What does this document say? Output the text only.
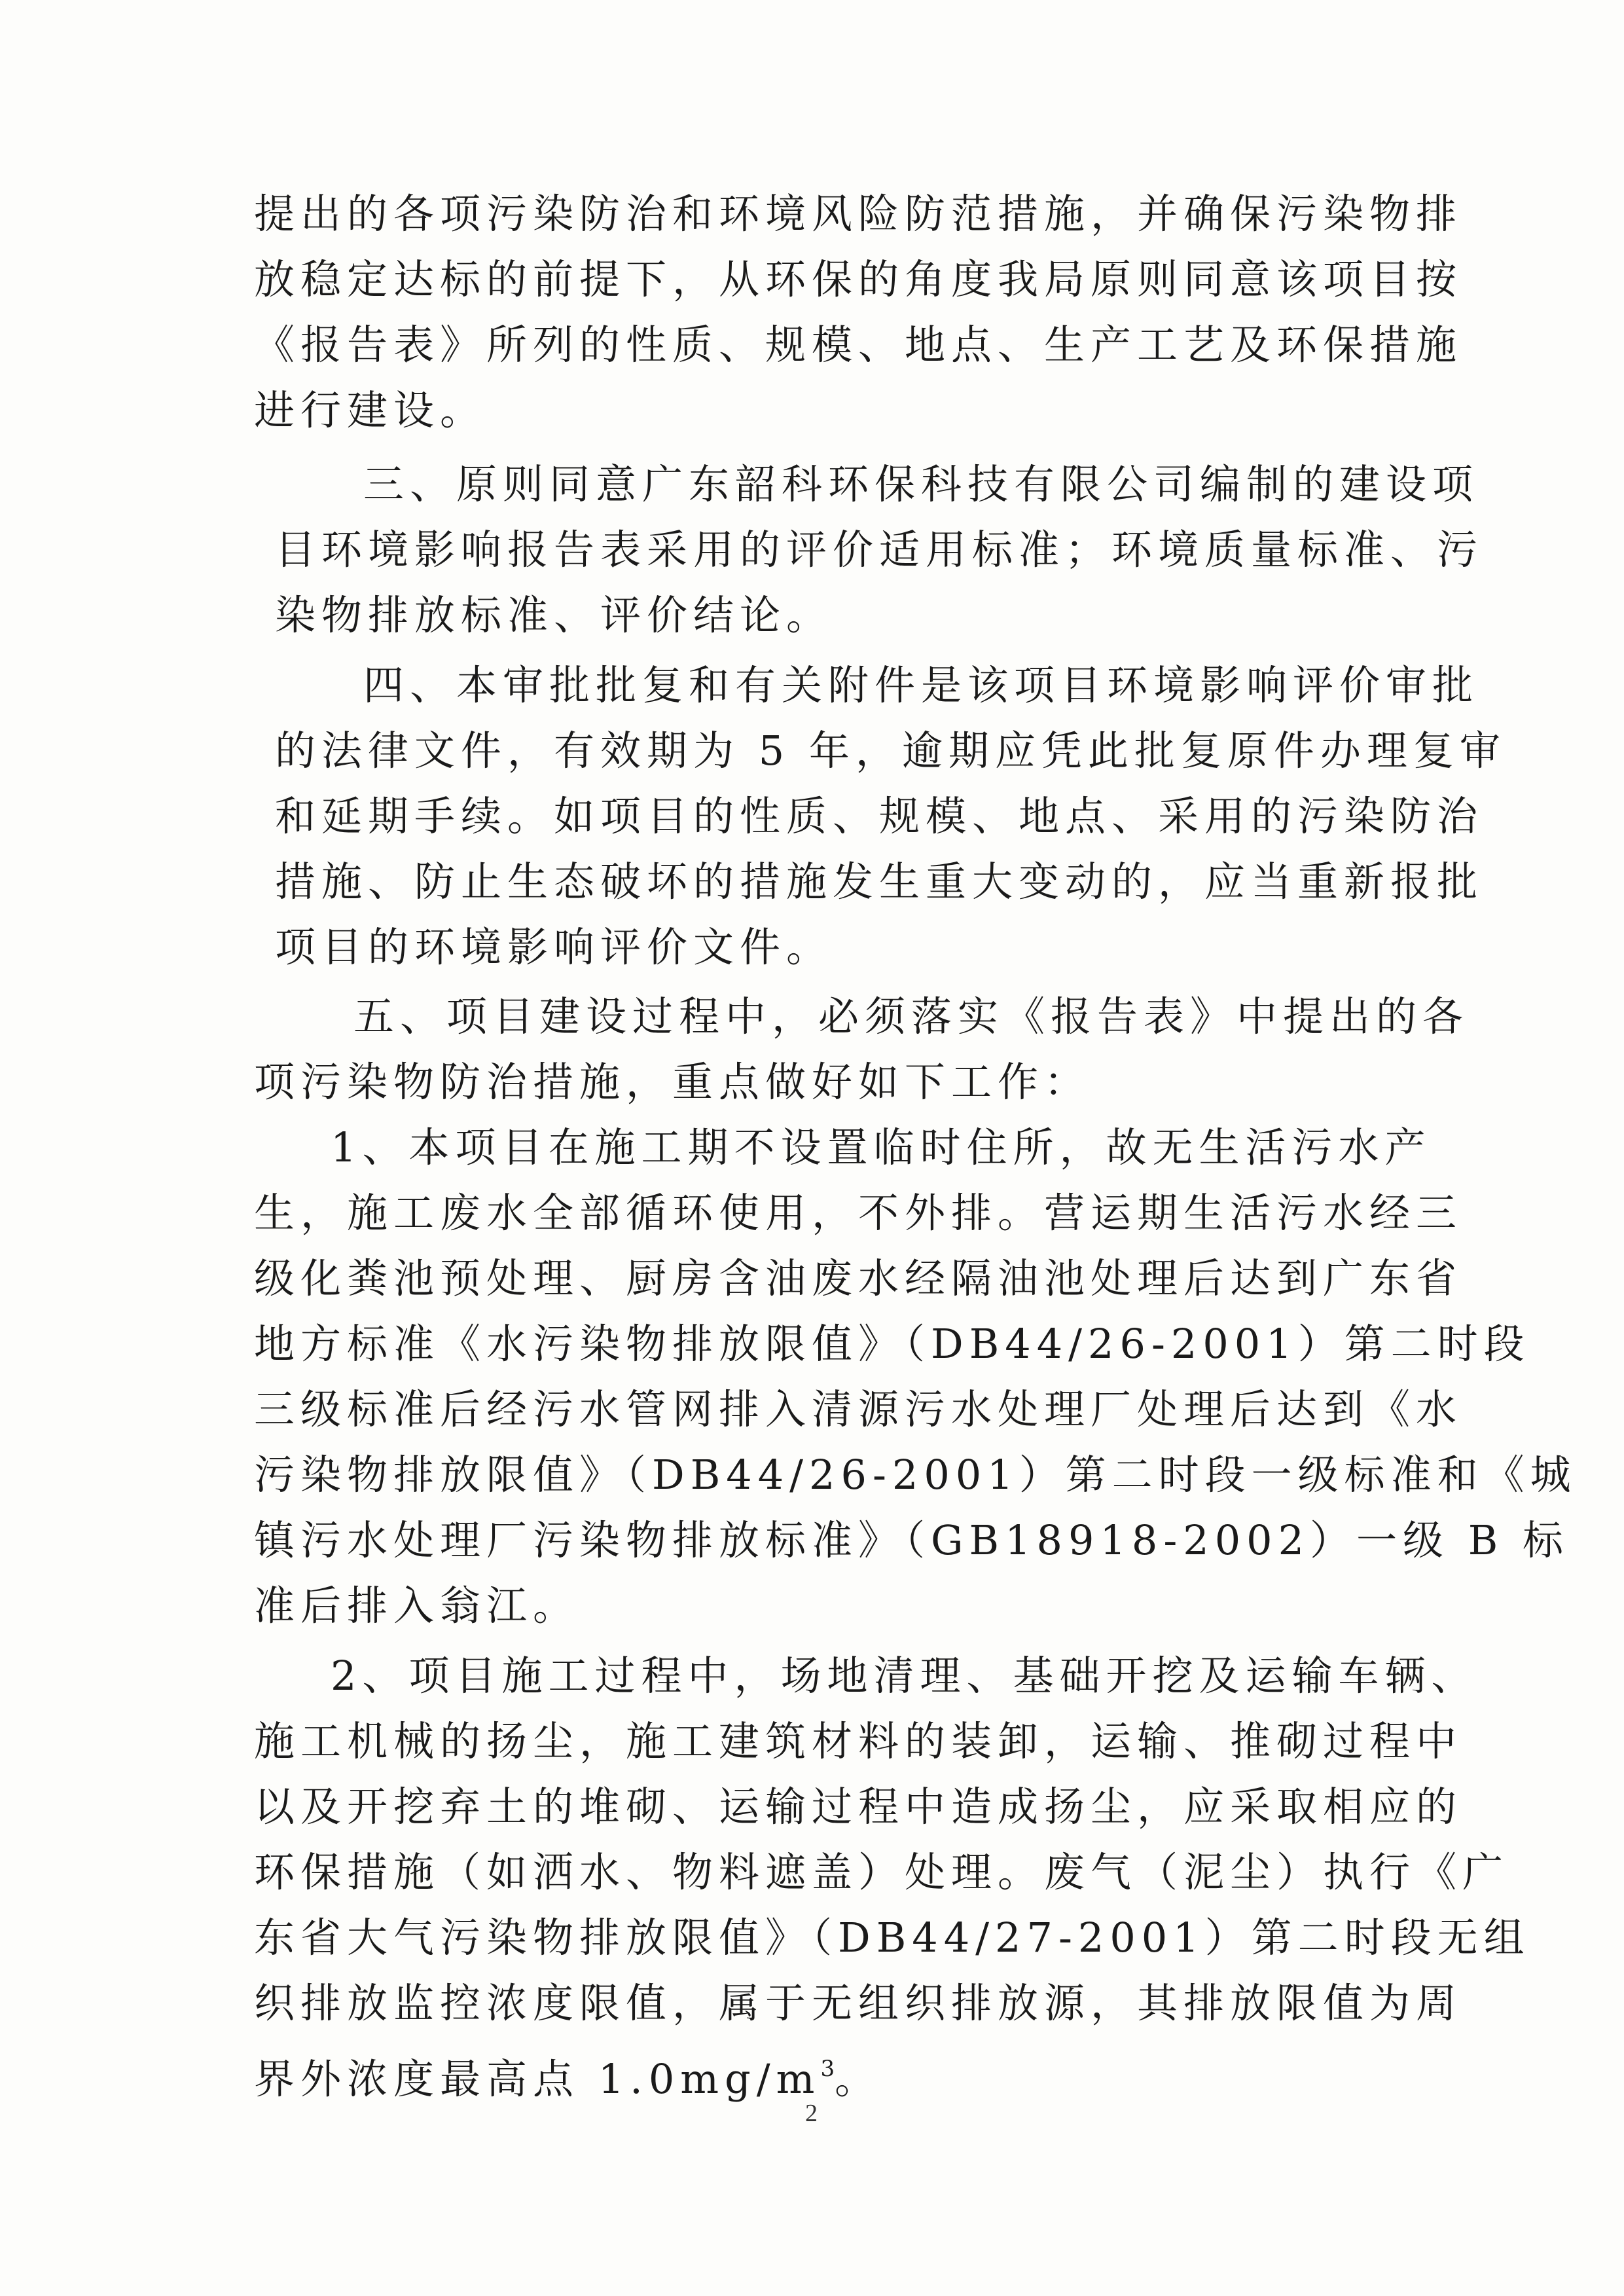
提出的各项污染防治和环境风险防范措施，并确保污染物排
放稳定达标的前提下，从环保的角度我局原则同意该项目按
《报告表》所列的性质、规模、地点、生产工艺及环保措施
进行建设。
三、原则同意广东韶科环保科技有限公司编制的建设项
目环境影响报告表采用的评价适用标准；环境质量标准、污
染物排放标准、评价结论。
四、本审批批复和有关附件是该项目环境影响评价审批
的法律文件，有效期为 5 年，逾期应凭此批复原件办理复审
和延期手续。如项目的性质、规模、地点、采用的污染防治
措施、防止生态破坏的措施发生重大变动的，应当重新报批
项目的环境影响评价文件。
五、项目建设过程中，必须落实《报告表》中提出的各
项污染物防治措施，重点做好如下工作：
1、本项目在施工期不设置临时住所，故无生活污水产
生，施工废水全部循环使用，不外排。营运期生活污水经三
级化粪池预处理、厨房含油废水经隔油池处理后达到广东省
地方标准《水污染物排放限值》（DB44/26-2001）第二时段
三级标准后经污水管网排入清源污水处理厂处理后达到《水
污染物排放限值》（DB44/26-2001）第二时段一级标准和《城
镇污水处理厂污染物排放标准》（GB18918-2002）一级 B 标
准后排入翁江。
2、项目施工过程中，场地清理、基础开挖及运输车辆、
施工机械的扬尘，施工建筑材料的装卸，运输、推砌过程中
以及开挖弃土的堆砌、运输过程中造成扬尘，应采取相应的
环保措施（如洒水、物料遮盖）处理。废气（泥尘）执行《广
东省大气污染物排放限值》（DB44/27-2001）第二时段无组
织排放监控浓度限值，属于无组织排放源，其排放限值为周
界外浓度最高点 $1.0mg/m^3$。
2
